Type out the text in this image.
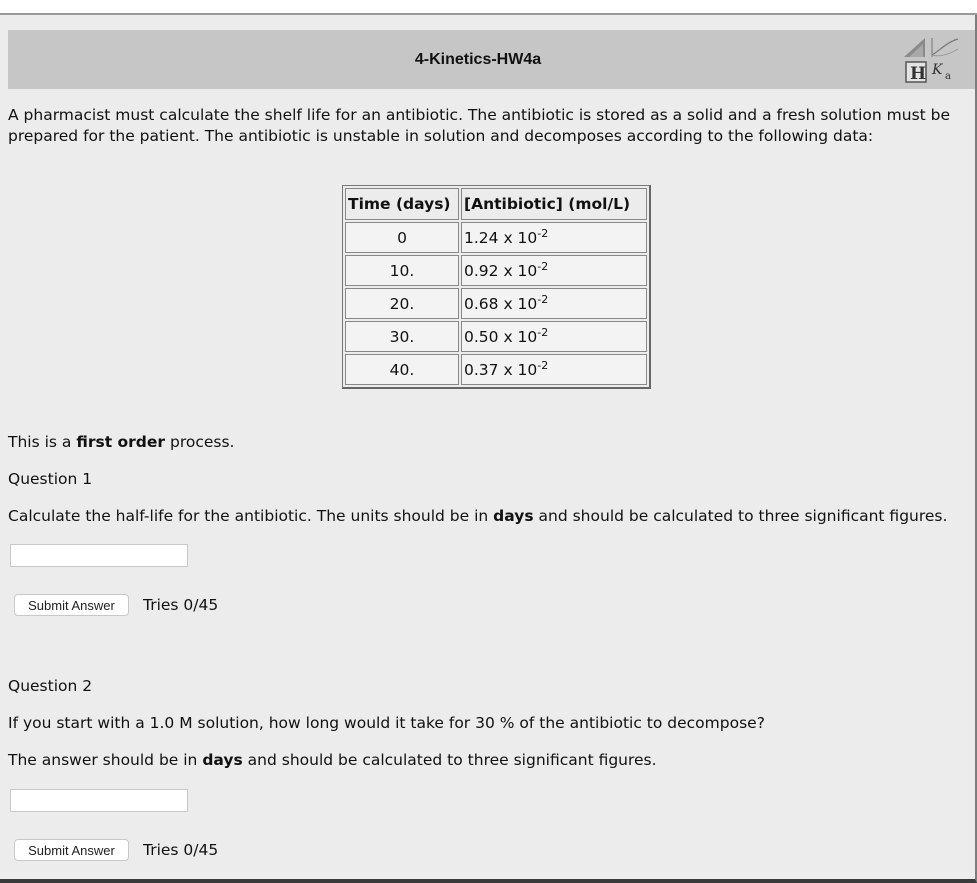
4-Kinetics-HW4a
H K a
A pharmacist must calculate the shelf life for an antibiotic. The antibiotic is stored as a solid and a fresh solution must be
prepared for the patient. The antibiotic is unstable in solution and decomposes according to the following data:
Time (days)	[Antibiotic] (mol/L)
0	1.24 x $10^{-2}$
10.	0.92 x $10^{-2}$
20.	0.68 x $10^{-2}$
30.	0.50 x $10^{-2}$
40.	0.37 x $10^{-2}$
This is a first order process.
Question 1
Calculate the half-life for the antibiotic. The units should be in days and should be calculated to three significant figures.
Submit Answer	Tries 0/45
Question 2
If you start with a 1.0 M solution, how long would it take for 30 % of the antibiotic to decompose?
The answer should be in days and should be calculated to three significant figures.
Submit Answer	Tries 0/45
